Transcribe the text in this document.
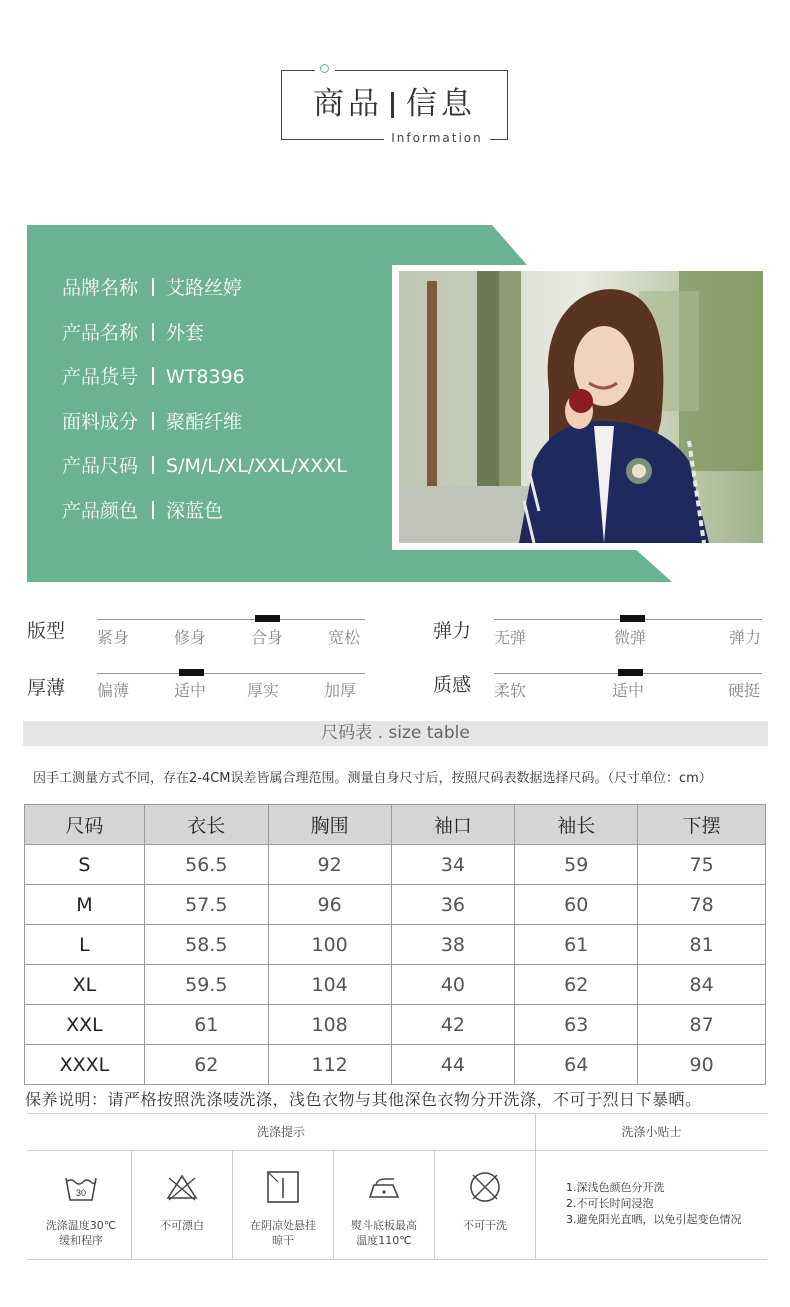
商品 信息
Information
品牌名称 艾路丝婷
产品名称 外套
产品货号 WT8396
面料成分 聚酯纤维
产品尺码 S/M/L/XL/XXL/XXXL
产品颜色 深蓝色
版型 紧身	修身	合身	宽松	弹力 无弹	微弹	弹力
厚薄 偏薄	适中	厚实	加厚	质感 柔软	适中	硬挺
尺码表 . size table
因手工测量方式不同，存在2-4CM误差皆属合理范围。测量自身尺寸后，按照尺码表数据选择尺码。（尺寸单位：cm）
尺码	衣长	胸围	袖口	袖长	下摆
S	56.5	92	34	59	75
M	57.5	96	36	60	78
L	58.5	100	38	61	81
XL	59.5	104	40	62	84
XXL	61	108	42	63	87
XXXL	62	112	44	64	90
保养说明：请严格按照洗涤唛洗涤，浅色衣物与其他深色衣物分开洗涤，不可于烈日下暴晒。
洗涤提示	洗涤小贴士
30
洗涤温度30℃
缓和程序
不可漂白	在阴凉处悬挂
晾干
熨斗底板最高
温度110℃
不可干洗
1.深浅色颜色分开洗
2.不可长时间浸泡
3.避免阳光直晒，以免引起变色情况
